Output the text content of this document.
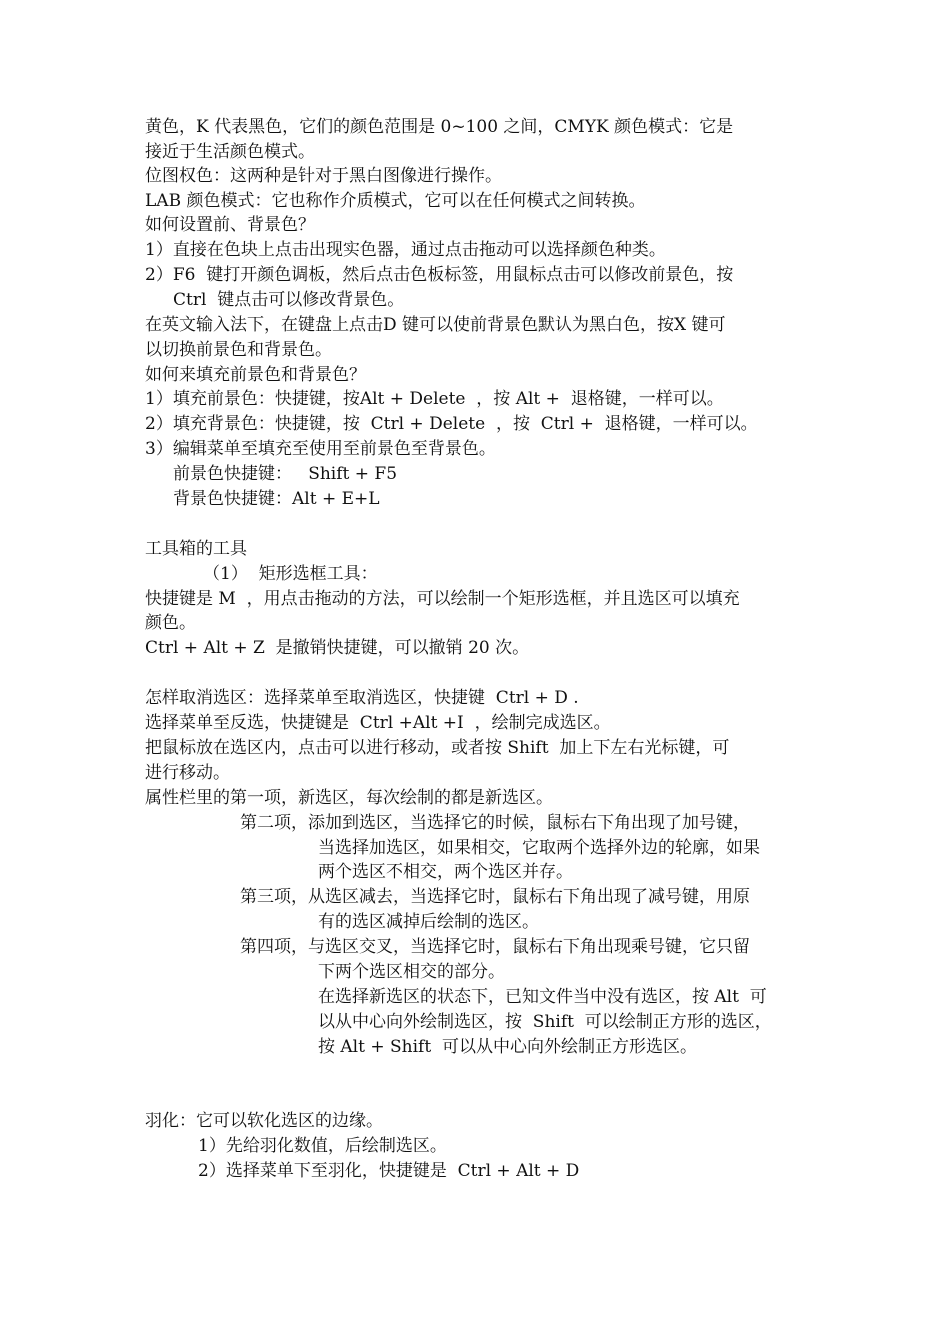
黄色，K 代表黑色，它们的颜色范围是 0~100 之间，CMYK 颜色模式：它是
接近于生活颜色模式。
位图权色：这两种是针对于黑白图像进行操作。
LAB 颜色模式：它也称作介质模式，它可以在任何模式之间转换。
如何设置前、背景色？
1）直接在色块上点击出现实色器，通过点击拖动可以选择颜色种类。
2）F6  键打开颜色调板，然后点击色板标签，用鼠标点击可以修改前景色，按
Ctrl  键点击可以修改背景色。
在英文输入法下，在键盘上点击D 键可以使前背景色默认为黑白色，按X 键可
以切换前景色和背景色。
如何来填充前景色和背景色？
1）填充前景色：快捷键，按Alt + Delete  ，按 Alt +  退格键，一样可以。
2）填充背景色：快捷键，按  Ctrl + Delete  ，按  Ctrl +  退格键，一样可以。
3）编辑菜单至填充至使用至前景色至背景色。
前景色快捷键：   Shift + F5
背景色快捷键：Alt + E+L
工具箱的工具
（1）  矩形选框工具：
快捷键是 M  ，用点击拖动的方法，可以绘制一个矩形选框，并且选区可以填充
颜色。
Ctrl + Alt + Z  是撤销快捷键，可以撤销 20 次。
怎样取消选区：选择菜单至取消选区，快捷键  Ctrl + D .
选择菜单至反选，快捷键是  Ctrl +Alt +I  ，绘制完成选区。
把鼠标放在选区内，点击可以进行移动，或者按 Shift  加上下左右光标键，可
进行移动。
属性栏里的第一项，新选区，每次绘制的都是新选区。
第二项，添加到选区，当选择它的时候，鼠标右下角出现了加号键，
当选择加选区，如果相交，它取两个选择外边的轮廓，如果
两个选区不相交，两个选区并存。
第三项，从选区减去，当选择它时，鼠标右下角出现了减号键，用原
有的选区减掉后绘制的选区。
第四项，与选区交叉，当选择它时，鼠标右下角出现乘号键，它只留
下两个选区相交的部分。
在选择新选区的状态下，已知文件当中没有选区，按 Alt  可
以从中心向外绘制选区，按  Shift  可以绘制正方形的选区，
按 Alt + Shift  可以从中心向外绘制正方形选区。
羽化：它可以软化选区的边缘。
1）先给羽化数值，后绘制选区。
2）选择菜单下至羽化，快捷键是  Ctrl + Alt + D
